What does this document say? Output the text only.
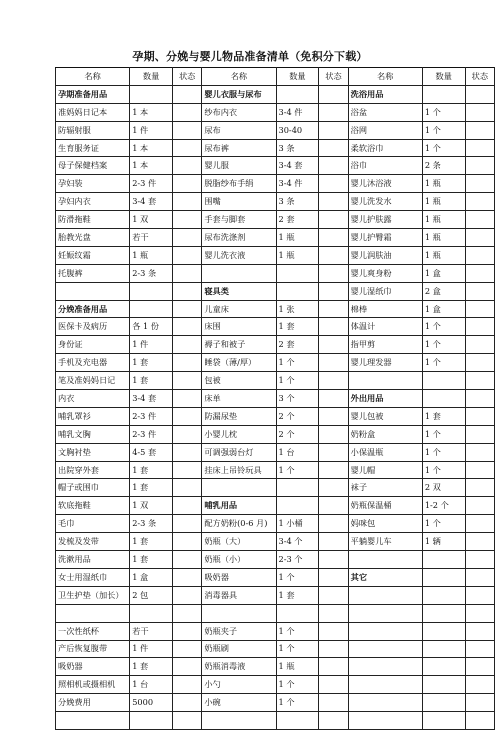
孕期、分娩与婴儿物品准备清单（免积分下载）
名称	数量	状态	名称	数量	状态	名称	数量	状态
孕期准备用品			婴儿衣服与尿布			洗浴用品		
准妈妈日记本	1 本		纱布内衣	3-4 件		浴盆	1 个	
防辐射服	1 件		尿布	30-40		浴网	1 个	
生育服务证	1 本		尿布裤	3 条		柔软浴巾	1 个	
母子保健档案	1 本		婴儿服	3-4 套		浴巾	2 条	
孕妇装	2-3 件		脱脂纱布手绢	3-4 件		婴儿沐浴液	1 瓶	
孕妇内衣	3-4 套		围嘴	3 条		婴儿洗发水	1 瓶	
防滑拖鞋	1 双		手套与脚套	2 套		婴儿护肤露	1 瓶	
胎教光盘	若干		尿布洗涤剂	1 瓶		婴儿护臀霜	1 瓶	
妊娠纹霜	1 瓶		婴儿洗衣液	1 瓶		婴儿润肤油	1 瓶	
托腹裤	2-3 条					婴儿爽身粉	1 盒	
			寝具类			婴儿湿纸巾	2 盒	
分娩准备用品			儿童床	1 张		棉棒	1 盒	
医保卡及病历	各 1 份		床围	1 套		体温计	1 个	
身份证	1 件		褥子和被子	2 套		指甲剪	1 个	
手机及充电器	1 套		睡袋（薄/厚）	1 个		婴儿理发器	1 个	
笔及准妈妈日记	1 套		包被	1 个				
内衣	3-4 套		床单	3 个		外出用品		
哺乳罩衫	2-3 件		防漏尿垫	2 个		婴儿包被	1 套	
哺乳文胸	2-3 件		小婴儿枕	2 个		奶粉盒	1 个	
文胸衬垫	4-5 套		可调强弱台灯	1 台		小保温瓶	1 个	
出院穿外套	1 套		挂床上吊铃玩具	1 个		婴儿帽	1 个	
帽子或围巾	1 套					袜子	2 双	
软底拖鞋	1 双		哺乳用品			奶瓶保温桶	1-2 个	
毛巾	2-3 条		配方奶粉(0-6 月)	1 小桶		妈咪包	1 个	
发梳及发带	1 套		奶瓶（大）	3-4 个		平躺婴儿车	1 辆	
洗漱用品	1 套		奶瓶（小）	2-3 个				
女士用湿纸巾	1 盒		吸奶器	1 个		其它		
卫生护垫（加长）	2 包		消毒器具	1 套				

一次性纸杯	若干		奶瓶夹子	1 个				
产后恢复腹带	1 件		奶瓶刷	1 个				
吸奶器	1 套		奶瓶消毒液	1 瓶				
照相机或摄相机	1 台		小勺	1 个				
分娩费用	5000		小碗	1 个				
